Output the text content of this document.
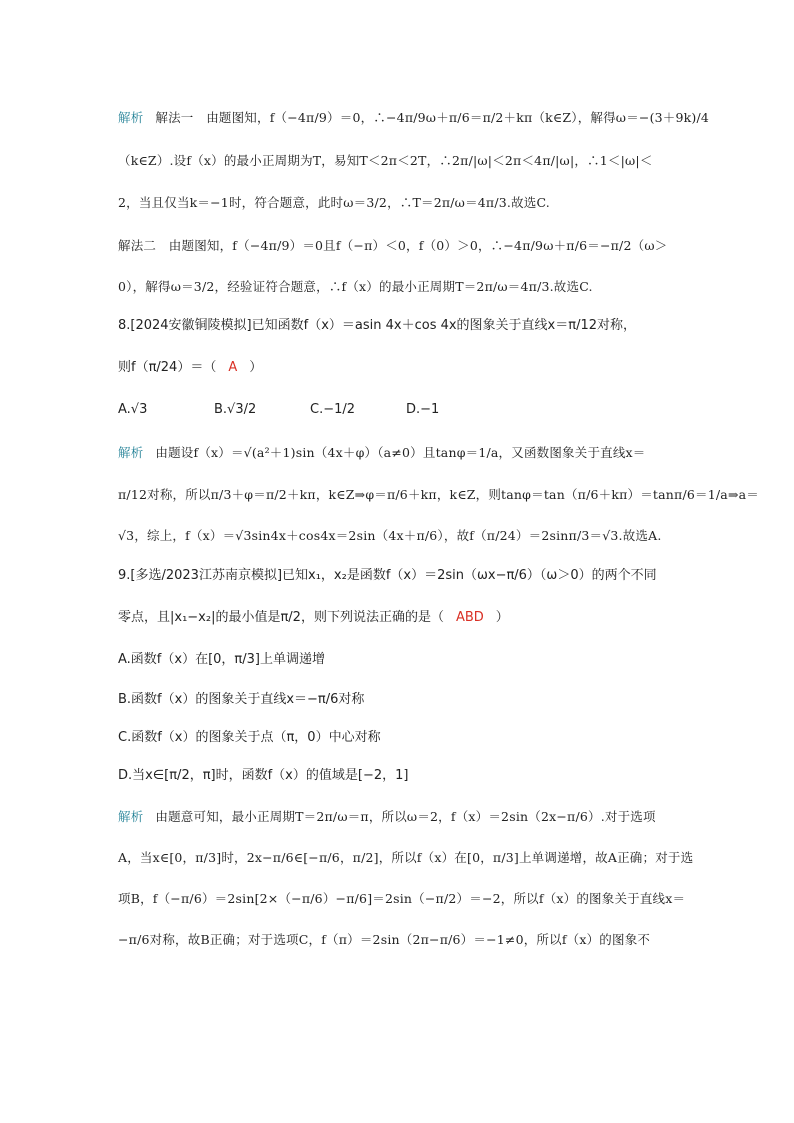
解析 解法一　由题图知，f（−4π/9）＝0，∴−4π/9ω＋π/6＝π/2＋kπ（k∈Z），解得ω＝−(3＋9k)/4
（k∈Z）.设f（x）的最小正周期为T，易知T＜2π＜2T，∴2π/|ω|＜2π＜4π/|ω|，∴1＜|ω|＜
2，当且仅当k＝−1时，符合题意，此时ω＝3/2，∴T＝2π/ω＝4π/3.故选C.
解法二　由题图知，f（−4π/9）＝0且f（−π）＜0，f（0）＞0，∴−4π/9ω＋π/6＝−π/2（ω＞
0），解得ω＝3/2，经验证符合题意，∴f（x）的最小正周期T＝2π/ω＝4π/3.故选C.
8.[2024安徽铜陵模拟]已知函数f（x）＝asin 4x＋cos 4x的图象关于直线x＝π/12对称，
则f（π/24）＝（ A ）
A.√3	B.√3/2	C.−1/2	D.−1
解析 由题设f（x）＝√(a²＋1)sin（4x＋φ）（a≠0）且tanφ＝1/a，又函数图象关于直线x＝
π/12对称，所以π/3＋φ＝π/2＋kπ，k∈Z⇒φ＝π/6＋kπ，k∈Z，则tanφ＝tan（π/6＋kπ）＝tanπ/6＝1/a⇒a＝
√3，综上，f（x）＝√3sin4x＋cos4x＝2sin（4x＋π/6），故f（π/24）＝2sinπ/3＝√3.故选A.
9.[多选/2023江苏南京模拟]已知x₁，x₂是函数f（x）＝2sin（ωx−π/6）（ω＞0）的两个不同
零点，且|x₁−x₂|的最小值是π/2，则下列说法正确的是（ ABD ）
A.函数f（x）在[0，π/3]上单调递增
B.函数f（x）的图象关于直线x＝−π/6对称
C.函数f（x）的图象关于点（π，0）中心对称
D.当x∈[π/2，π]时，函数f（x）的值域是[−2，1]
解析 由题意可知，最小正周期T＝2π/ω＝π，所以ω＝2，f（x）＝2sin（2x−π/6）.对于选项
A，当x∈[0，π/3]时，2x−π/6∈[−π/6，π/2]，所以f（x）在[0，π/3]上单调递增，故A正确；对于选
项B，f（−π/6）＝2sin[2×（−π/6）−π/6]＝2sin（−π/2）＝−2，所以f（x）的图象关于直线x＝
−π/6对称，故B正确；对于选项C，f（π）＝2sin（2π−π/6）＝−1≠0，所以f（x）的图象不
